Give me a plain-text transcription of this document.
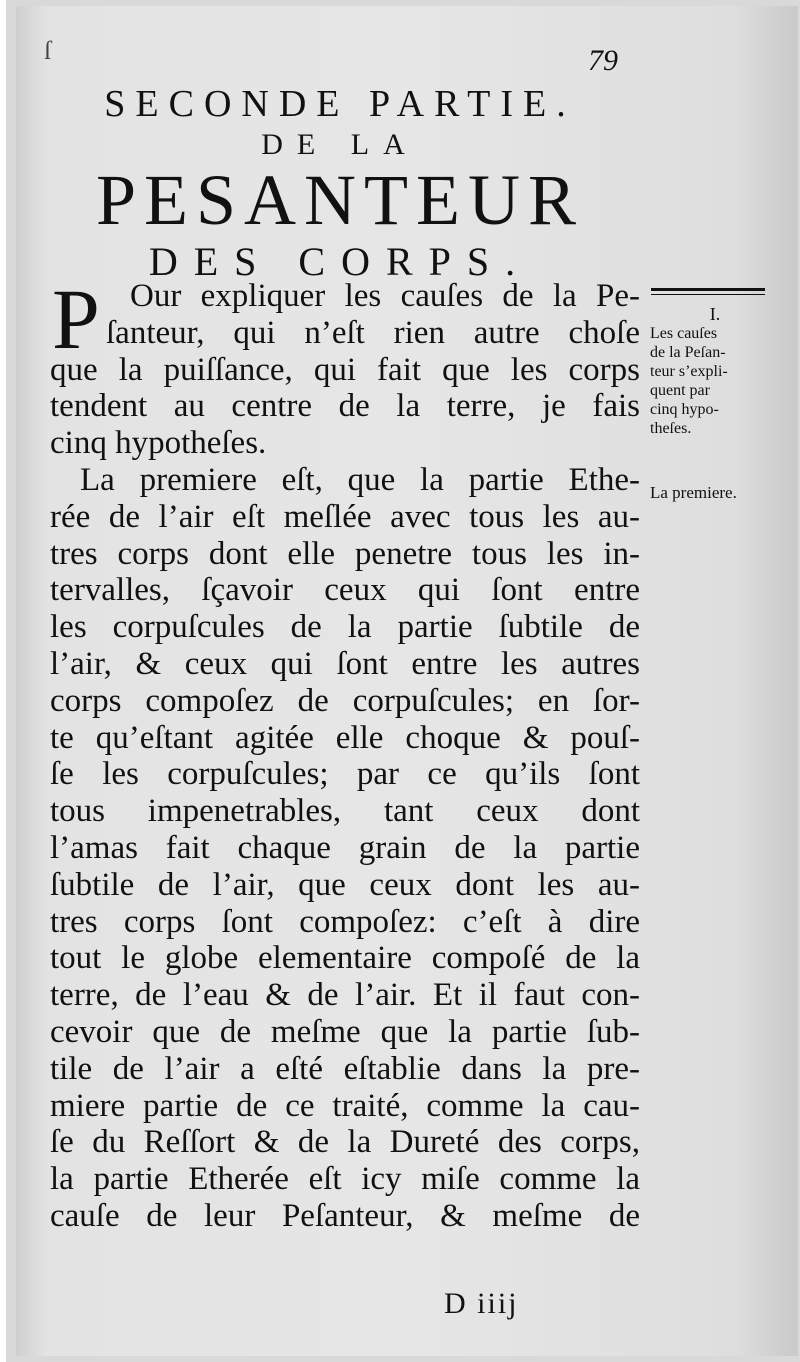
ſ	79
SECONDE PARTIE.
DE LA
PESANTEUR
DES CORPS.
P Our expliquer les cauſes de la Pe-
ſanteur, qui n’eſt rien autre choſe
que la puiſſance, qui fait que les corps
tendent au centre de la terre, je fais
cinq hypotheſes.
La premiere eſt, que la partie Ethe-
rée de l’air eſt meſlée avec tous les au-
tres corps dont elle penetre tous les in-
tervalles, ſçavoir ceux qui ſont entre
les corpuſcules de la partie ſubtile de
l’air, & ceux qui ſont entre les autres
corps compoſez de corpuſcules; en ſor-
te qu’eſtant agitée elle choque & pouſ-
ſe les corpuſcules; par ce qu’ils ſont
tous impenetrables, tant ceux dont
l’amas fait chaque grain de la partie
ſubtile de l’air, que ceux dont les au-
tres corps ſont compoſez: c’eſt à dire
tout le globe elementaire compoſé de la
terre, de l’eau & de l’air. Et il faut con-
cevoir que de meſme que la partie ſub-
tile de l’air a eſté eſtablie dans la pre-
miere partie de ce traité, comme la cau-
ſe du Reſſort & de la Dureté des corps,
la partie Etherée eſt icy miſe comme la
cauſe de leur Peſanteur, & meſme de
I.
Les cauſes
de la Peſan-
teur s’expli-
quent par
cinq hypo-
theſes.
La premiere.
D iiij
